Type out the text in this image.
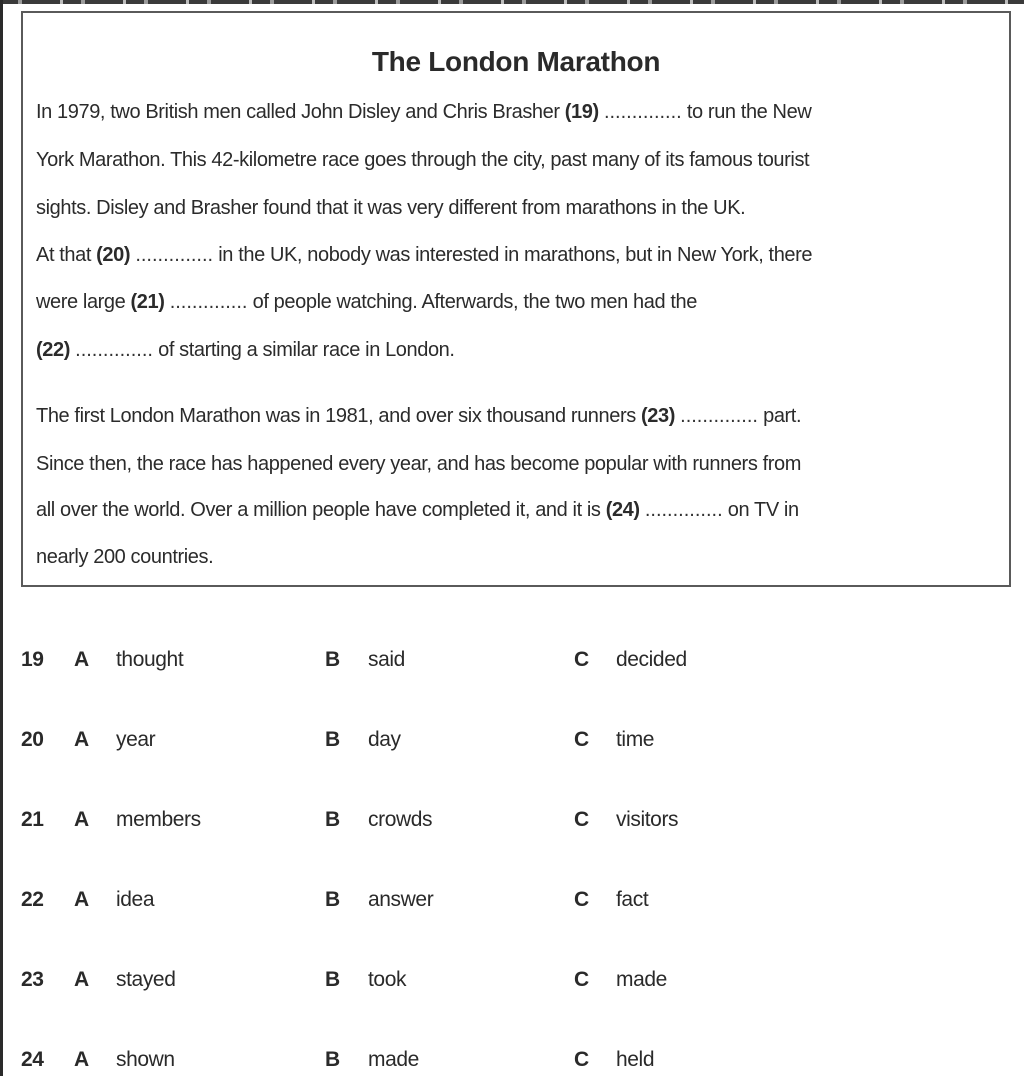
The London Marathon
In 1979, two British men called John Disley and Chris Brasher (19) .............. to run the New
York Marathon. This 42-kilometre race goes through the city, past many of its famous tourist
sights. Disley and Brasher found that it was very different from marathons in the UK.
At that (20) .............. in the UK, nobody was interested in marathons, but in New York, there
were large (21) .............. of people watching. Afterwards, the two men had the
(22) .............. of starting a similar race in London.
The first London Marathon was in 1981, and over six thousand runners (23) .............. part.
Since then, the race has happened every year, and has become popular with runners from
all over the world. Over a million people have completed it, and it is (24) .............. on TV in
nearly 200 countries.
19 A thought	B said	C decided
20 A year	B day	C time
21 A members	B crowds	C visitors
22 A idea	B answer	C fact
23 A stayed	B took	C made
24 A shown	B made	C held
